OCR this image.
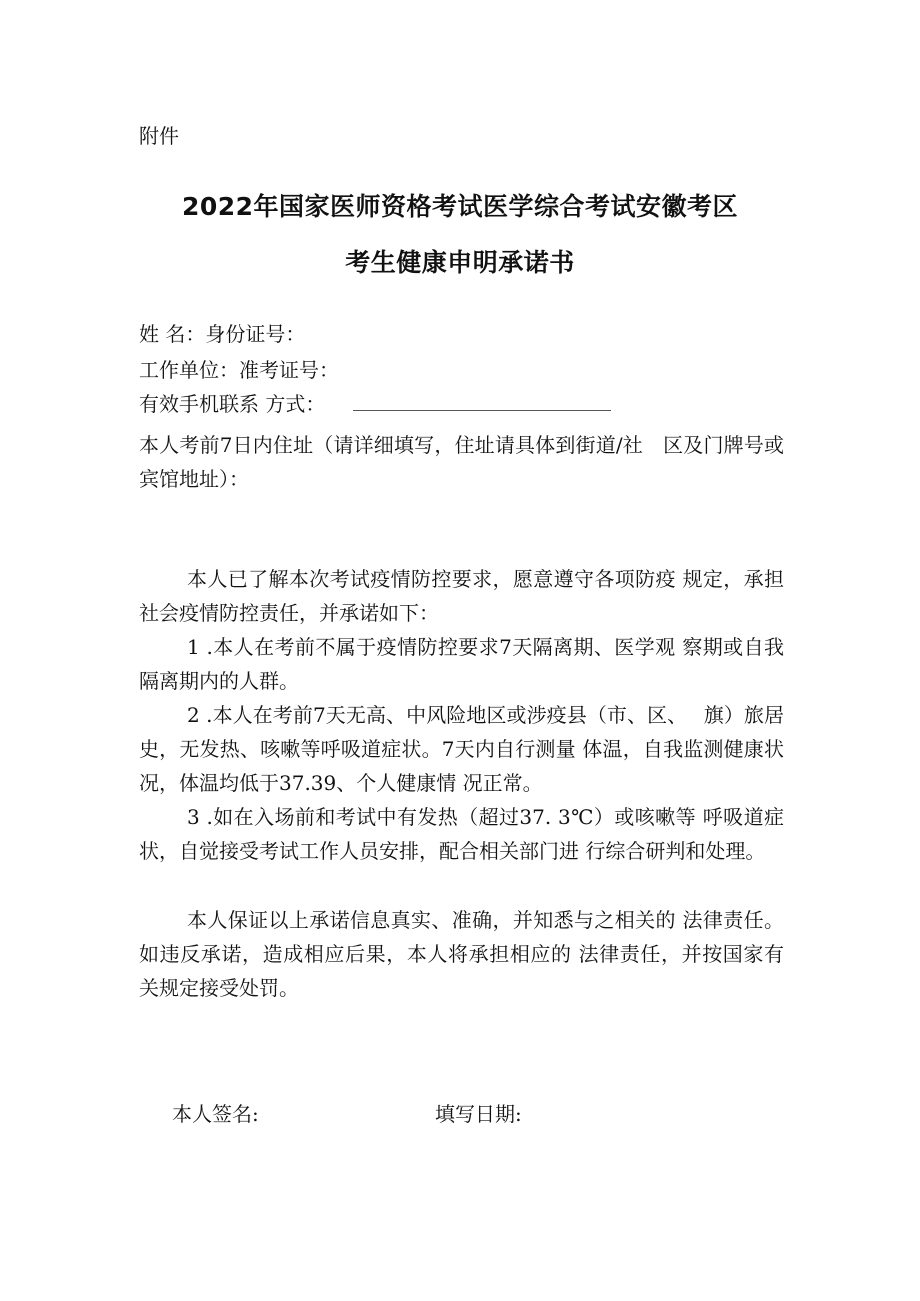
附件
2022年国家医师资格考试医学综合考试安徽考区
考生健康申明承诺书
姓 名：身份证号：
工作单位：准考证号：
有效手机联系 方式：
本人考前7日内住址（请详细填写，住址请具体到街道/社　区及门牌号或宾馆地址）：

本人已了解本次考试疫情防控要求，愿意遵守各项防疫 规定，承担社会疫情防控责任，并承诺如下：

1 .本人在考前不属于疫情防控要求7天隔离期、医学观 察期或自我隔离期内的人群。

2 .本人在考前7天无高、中风险地区或涉疫县（市、区、　 旗）旅居史，无发热、咳嗽等呼吸道症状。7天内自行测量 体温，自我监测健康状况，体温均低于37.39、个人健康情 况正常。

3 .如在入场前和考试中有发热（超过37. 3℃）或咳嗽等 呼吸道症状，自觉接受考试工作人员安排，配合相关部门进 行综合研判和处理。

本人保证以上承诺信息真实、准确，并知悉与之相关的 法律责任。如违反承诺，造成相应后果，本人将承担相应的 法律责任，并按国家有关规定接受处罚。

本人签名:	填写日期:
